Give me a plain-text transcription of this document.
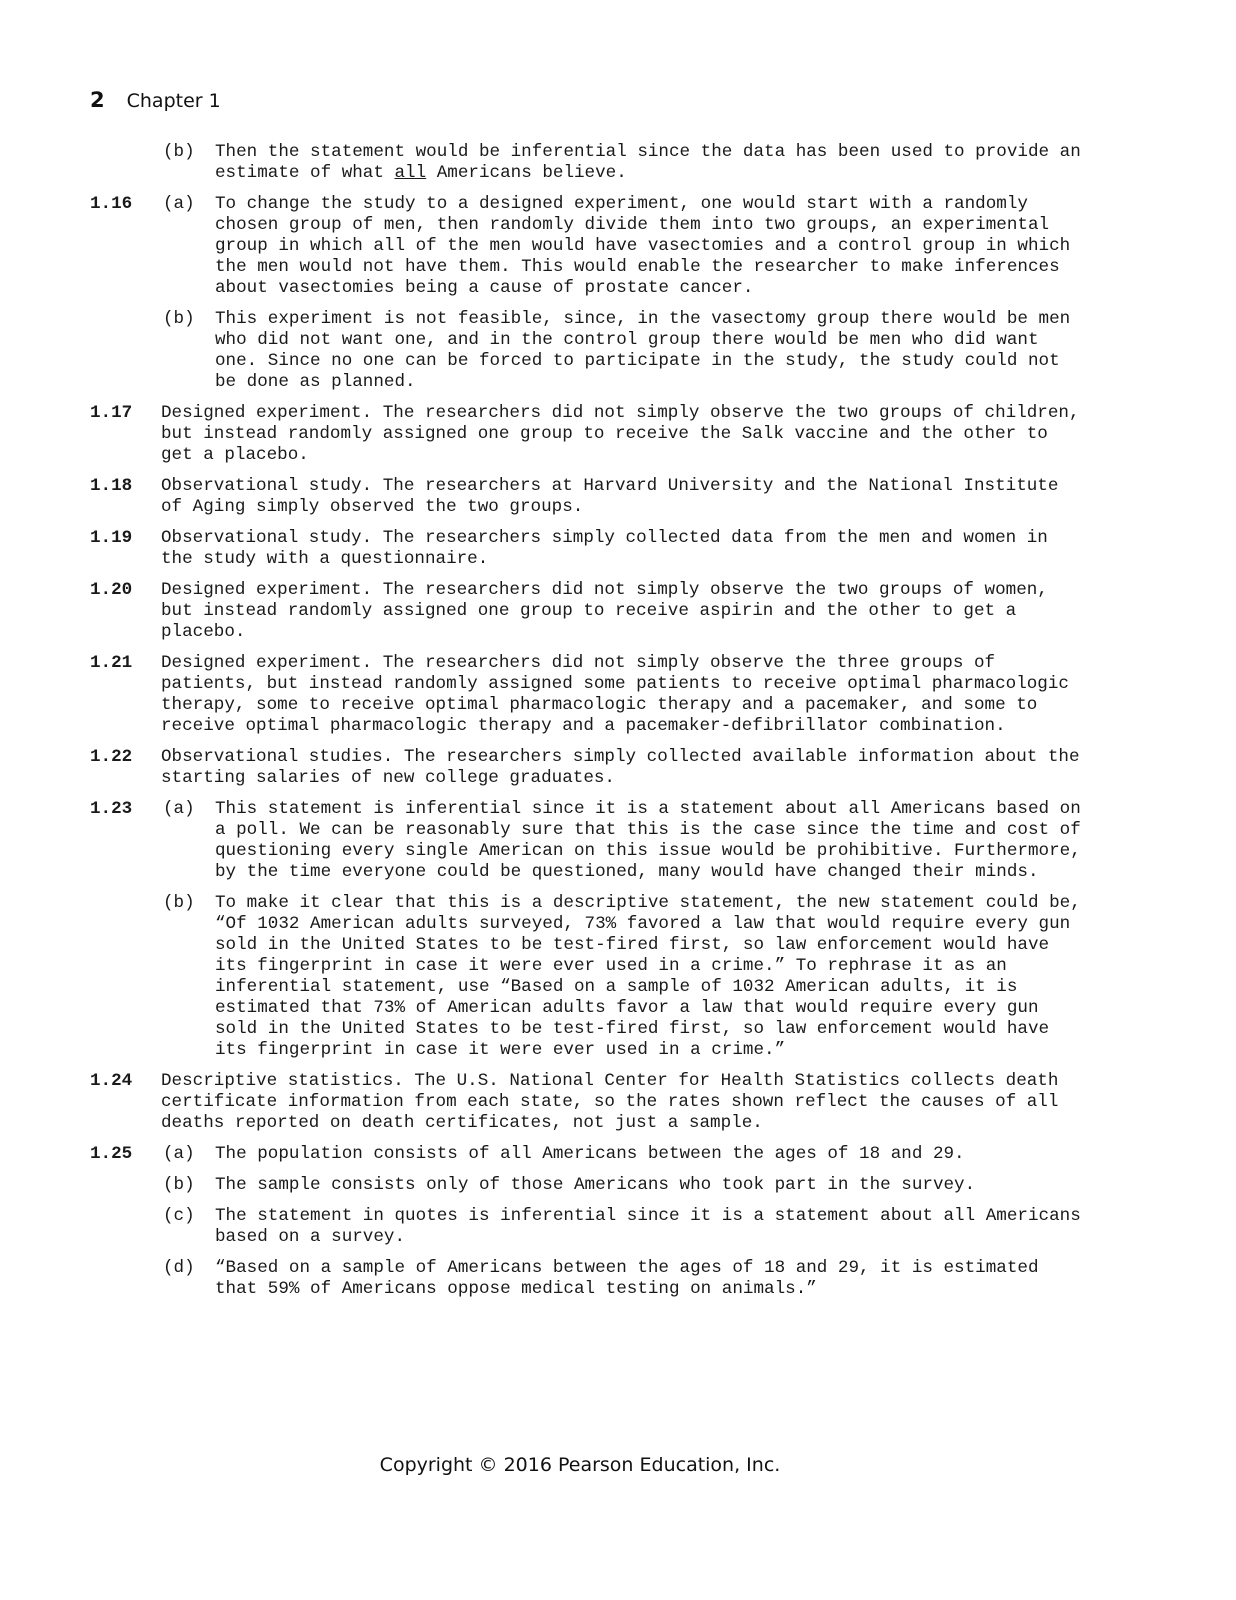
2 Chapter 1
(b) Then the statement would be inferential since the data has been used to provide an estimate of what all Americans believe.
1.16 (a) To change the study to a designed experiment, one would start with a randomly chosen group of men, then randomly divide them into two groups, an experimental group in which all of the men would have vasectomies and a control group in which the men would not have them. This would enable the researcher to make inferences about vasectomies being a cause of prostate cancer.
(b) This experiment is not feasible, since, in the vasectomy group there would be men who did not want one, and in the control group there would be men who did want one. Since no one can be forced to participate in the study, the study could not be done as planned.
1.17 Designed experiment. The researchers did not simply observe the two groups of children, but instead randomly assigned one group to receive the Salk vaccine and the other to get a placebo.
1.18 Observational study. The researchers at Harvard University and the National Institute of Aging simply observed the two groups.
1.19 Observational study. The researchers simply collected data from the men and women in the study with a questionnaire.
1.20 Designed experiment. The researchers did not simply observe the two groups of women, but instead randomly assigned one group to receive aspirin and the other to get a placebo.
1.21 Designed experiment. The researchers did not simply observe the three groups of patients, but instead randomly assigned some patients to receive optimal pharmacologic therapy, some to receive optimal pharmacologic therapy and a pacemaker, and some to receive optimal pharmacologic therapy and a pacemaker-defibrillator combination.
1.22 Observational studies. The researchers simply collected available information about the starting salaries of new college graduates.
1.23 (a) This statement is inferential since it is a statement about all Americans based on a poll. We can be reasonably sure that this is the case since the time and cost of questioning every single American on this issue would be prohibitive. Furthermore, by the time everyone could be questioned, many would have changed their minds.
(b) To make it clear that this is a descriptive statement, the new statement could be, “Of 1032 American adults surveyed, 73% favored a law that would require every gun sold in the United States to be test-fired first, so law enforcement would have its fingerprint in case it were ever used in a crime.” To rephrase it as an inferential statement, use “Based on a sample of 1032 American adults, it is estimated that 73% of American adults favor a law that would require every gun sold in the United States to be test-fired first, so law enforcement would have its fingerprint in case it were ever used in a crime.”
1.24 Descriptive statistics. The U.S. National Center for Health Statistics collects death certificate information from each state, so the rates shown reflect the causes of all deaths reported on death certificates, not just a sample.
1.25 (a) The population consists of all Americans between the ages of 18 and 29.
(b) The sample consists only of those Americans who took part in the survey.
(c) The statement in quotes is inferential since it is a statement about all Americans based on a survey.
(d) “Based on a sample of Americans between the ages of 18 and 29, it is estimated that 59% of Americans oppose medical testing on animals.”
Copyright © 2016 Pearson Education, Inc.
